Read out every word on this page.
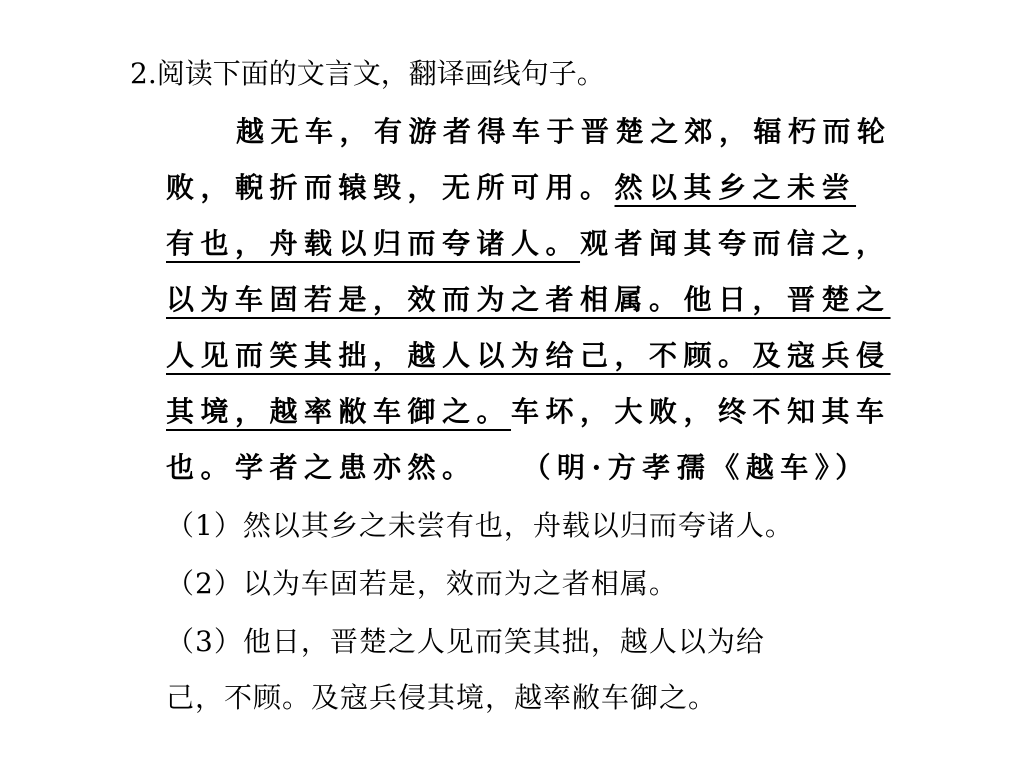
2.阅读下面的文言文，翻译画线句子。
越无车，有游者得车于晋楚之郊，辐朽而轮
败，輗折而辕毁，无所可用。然以其乡之未尝
有也，舟载以归而夸诸人。观者闻其夸而信之，
以为车固若是，效而为之者相属。他日，晋楚之
人见而笑其拙，越人以为给己，不顾。及寇兵侵
其境，越率敝车御之。车坏，大败，终不知其车
也。学者之患亦然。 （明·方孝孺《越车》）
（1）然以其乡之未尝有也，舟载以归而夸诸人。
（2）以为车固若是，效而为之者相属。
（3）他日，晋楚之人见而笑其拙，越人以为给
己，不顾。及寇兵侵其境，越率敝车御之。
